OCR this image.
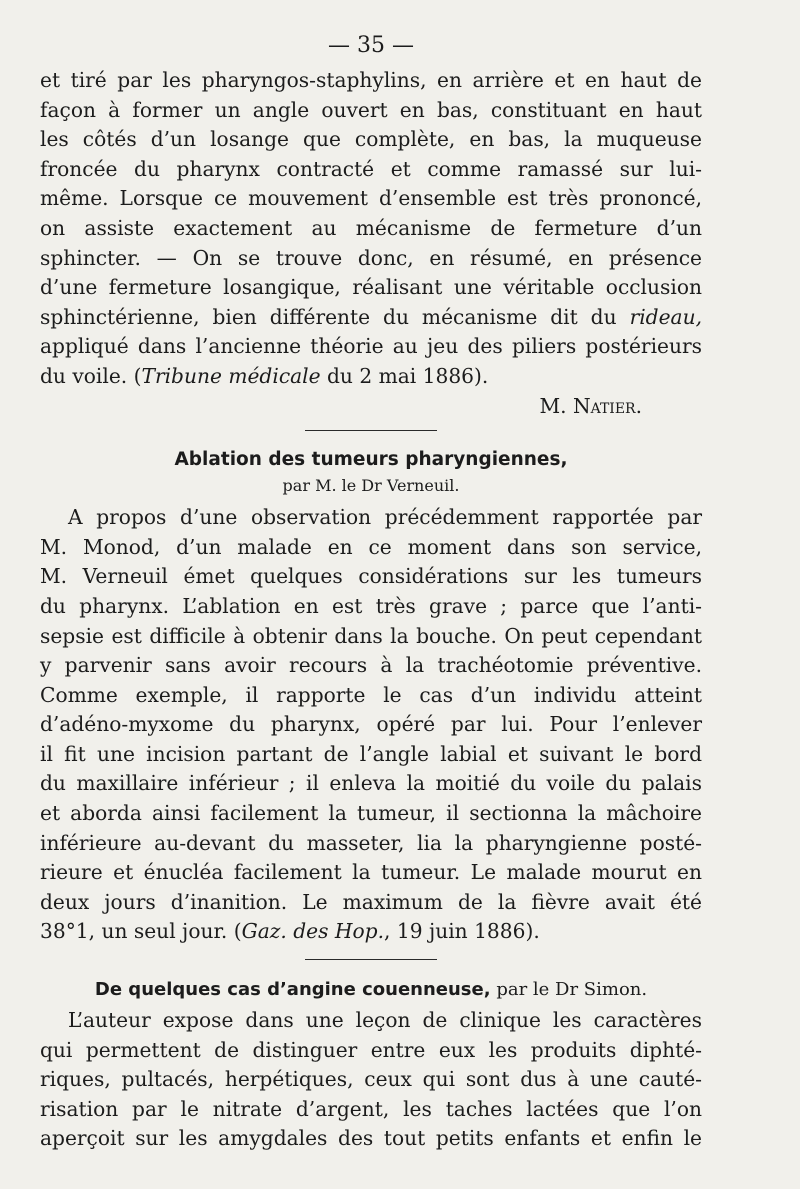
— 35 —
et tiré par les pharyngos-staphylins, en arrière et en haut de
façon à former un angle ouvert en bas, constituant en haut
les côtés d’un losange que complète, en bas, la muqueuse
froncée du pharynx contracté et comme ramassé sur lui-
même. Lorsque ce mouvement d’ensemble est très prononcé,
on assiste exactement au mécanisme de fermeture d’un
sphincter. — On se trouve donc, en résumé, en présence
d’une fermeture losangique, réalisant une véritable occlusion
sphinctérienne, bien différente du mécanisme dit du rideau,
appliqué dans l’ancienne théorie au jeu des piliers postérieurs
du voile. (Tribune médicale du 2 mai 1886).
M. Natier.
Ablation des tumeurs pharyngiennes,
par M. le Dr Verneuil.
A propos d’une observation précédemment rapportée par
M. Monod, d’un malade en ce moment dans son service,
M. Verneuil émet quelques considérations sur les tumeurs
du pharynx. L’ablation en est très grave ; parce que l’anti-
sepsie est difficile à obtenir dans la bouche. On peut cependant
y parvenir sans avoir recours à la trachéotomie préventive.
Comme exemple, il rapporte le cas d’un individu atteint
d’adéno-myxome du pharynx, opéré par lui. Pour l’enlever
il fit une incision partant de l’angle labial et suivant le bord
du maxillaire inférieur ; il enleva la moitié du voile du palais
et aborda ainsi facilement la tumeur, il sectionna la mâchoire
inférieure au-devant du masseter, lia la pharyngienne posté-
rieure et énucléa facilement la tumeur. Le malade mourut en
deux jours d’inanition. Le maximum de la fièvre avait été
38°1, un seul jour. (Gaz. des Hop., 19 juin 1886).
De quelques cas d’angine couenneuse, par le Dr Simon.
L’auteur expose dans une leçon de clinique les caractères
qui permettent de distinguer entre eux les produits diphté-
riques, pultacés, herpétiques, ceux qui sont dus à une cauté-
risation par le nitrate d’argent, les taches lactées que l’on
aperçoit sur les amygdales des tout petits enfants et enfin le
